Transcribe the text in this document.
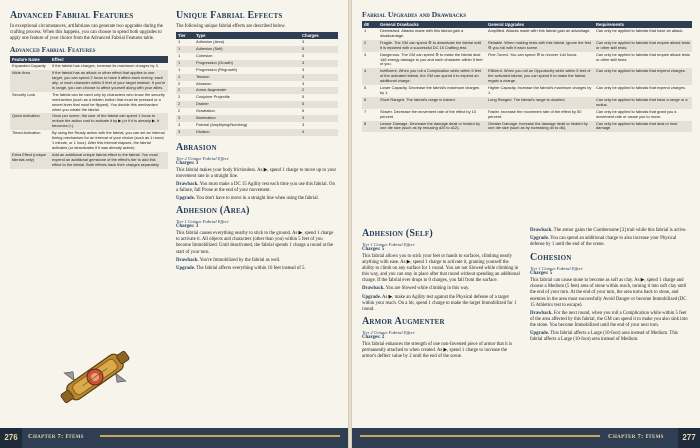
Advanced Fabrial Features

In exceptional circumstances, artifabrians can generate two upgrades during the crafting process. When this happens, you can choose to spend both upgrades to apply one feature of your choice from the Advanced Fabrial Features table.

Advanced Fabrial Features
Feature Name	Effect
Expanded Capacity	If the fabrial has charges, increase its maximum charges by 3.
Wide Area	If the fabrial has an attack or other effect that applies to one target, you can spend 2 focus to have it affect each enemy, each ally, or each character within 5 feet of your target instead. If you're in range, you can choose to affect yourself along with your allies.
Security Lock	The fabrial can be used only by characters who know the security mechanism (such as a hidden button that must be pressed or a secret lever that must be flipped). You decide this mechanism when you create the fabrial.
Quick Activation	Once per scene, the user of the fabrial can spend 1 focus to reduce the action cost to activate it by ▶ (or if it is already ▶, it becomes ▷).
Timed Activation	By using the Ready action with the fabrial, you can set an internal timing mechanism for an interval of your choice (such as 1 round, 1 minute, or 1 hour). After this interval elapses, the fabrial activates (or deactivates if it was already active).
Extra Effect (unique fabrials only)	Add an additional unique fabrial effect to the fabrial. You must expend an additional gemstone of the effect's tier to add this effect to the fabrial. Both effects track their charges separately.
Unique Fabrial Effects

The following unique fabrial effects are described below.

Tier	Type	Charges
1	Adhesion (Area)	3
1	Adhesion (Self)	5
1	Cohesion	5
1	Progression (Growth)	3
1	Progression (Regrowth)	3
1	Tension	3
2	Abrasion	3
2	Armor Augmenter	2
2	Conjoiner Projectile	5
2	Drainer	5
2	Gravitation	5
3	Illumination	3
3	Painrial (Amplifying/Numbing)	3
3	Division	4
Abrasion
Tier 2 Unique Fabrial Effect
Charges: 3

This fabrial makes your body frictionless. As ▶, spend 1 charge to move up to your movement rate in a straight line.

Drawback. You must make a DC 15 Agility test each time you use this fabrial. On a failure, fall Prone at the end of your movement.

Upgrade. You don't have to move in a straight line when using the fabrial.

Adhesion (Area)
Tier 1 Unique Fabrial Effect
Charges: 3

This fabrial causes everything nearby to stick to the ground. As ▶, spend 1 charge to activate it. All objects and characters (other than you) within 5 feet of you become Immobilized. Until deactivated, the fabrial spends 1 charge a round at the start of your turn.

Drawback. You're Immobilized by the fabrial as well.

Upgrade. The fabrial affects everything within 10 feet instead of 5.

276	Chapter 7: Items
Fabrial Upgrades and Drawbacks
d8	General Drawbacks	General Upgrades	Requirements
1	Diminished. Attacks made with this fabrial gain a disadvantage.	Amplified. Attacks made with this fabrial gain an advantage.	Can only be applied to fabrials that have an attack.
2	Fragile. The GM can spend ⚙ to deactivate the fabrial until it is repaired with a successful DC 15 Crafting test.	Reliable. When making tests with this fabrial, ignore the first ⚙ you roll with it each scene.	Can only be applied to fabrials that require attack tests or other skill tests.
3	Dangerous. The GM can spend ⚙ to make the fabrial deal 1d6 energy damage to you and each character within 5 feet of you.	Fine-Tuned. You can spend ⚙ to recover 1d4 focus.	Can only be applied to fabrials that require attack tests or other skill tests.
4	Inefficient. When you roll a Complication while within 5 feet of the activated fabrial, the GM can spend it to expend an additional charge.	Efficient. When you roll an Opportunity while within 5 feet of the activated fabrial, you can spend it to make the fabrial regain a charge.	Can only be applied to fabrials that expend charges.
5	Lower Capacity. Decrease the fabrial's maximum charges by 1.	Higher Capacity. Increase the fabrial's maximum charges by 1.	Can only be applied to fabrials that expend charges.
6	Short Ranged. The fabrial's range is halved.	Long Ranged. The fabrial's range is doubled.	Can only be applied to fabrials that have a range or a radius.
7	Slower. Decrease the movement rate of the effect by 10 percent.	Faster. Increase the movement rate of the effect by 50 percent.	Can only be applied to fabrials that grant you a movement rate or cause you to move.
8	Lesser Damage. Decrease the damage dealt or healed by one die size (such as by reducing d20 to d12).	Greater Damage. Increase the damage dealt or healed by one die size (such as by increasing d4 to d6).	Can only be applied to fabrials that deal or heal damage.
Adhesion (Self)
Tier 1 Unique Fabrial Effect
Charges: 5

This fabrial allows you to stick your feet or hands to surfaces, climbing nearly anything with ease. As ▶, spend 1 charge to activate it, granting yourself the ability to climb on any surface for 1 round. You are not Slowed while climbing in this way, and you can stay in place after that round without spending an additional charge. If the fabrial ever drops to 0 charges, you fall from the surface.

Drawback. You are Slowed while climbing in this way.

Upgrade. As ▶, make an Agility test against the Physical defense of a target within your reach. On a hit, spend 1 charge to make the target Immobilized for 1 round.

Armor Augmenter
Tier 2 Unique Fabrial Effect
Charges: 2

This fabrial enhances the strength of one non-Invested piece of armor that it is permanently attached to when created. As ▶, spend 1 charge to increase the armor's deflect value by 2 until the end of the scene.

Drawback. The armor gains the Cumbersome [3] trait while this fabrial is active.

Upgrade. You can spend an additional charge to also increase your Physical defense by 1 until the end of the scene.

Cohesion
Tier 1 Unique Fabrial Effect
Charges: 5

This fabrial can cause stone to become as soft as clay. As ▶, spend 1 charge and choose a Medium (5 feet) area of stone within reach, turning it into soft clay until the end of your turn. At the end of your turn, the area turns back to stone, and enemies in the area must successfully Avoid Danger or become Immobilized (DC 15 Athletics test to escape).

Drawback. For the next round, when you roll a Complication while within 5 feet of the area affected by this fabrial, the GM can spend it to make you also sink into the stone. You become Immobilized until the end of your next turn.

Upgrade. This fabrial affects a Large (10-foot) area instead of Medium. This fabrial affects a Large (10-foot) area instead of Medium.

Chapter 7: Items	277
